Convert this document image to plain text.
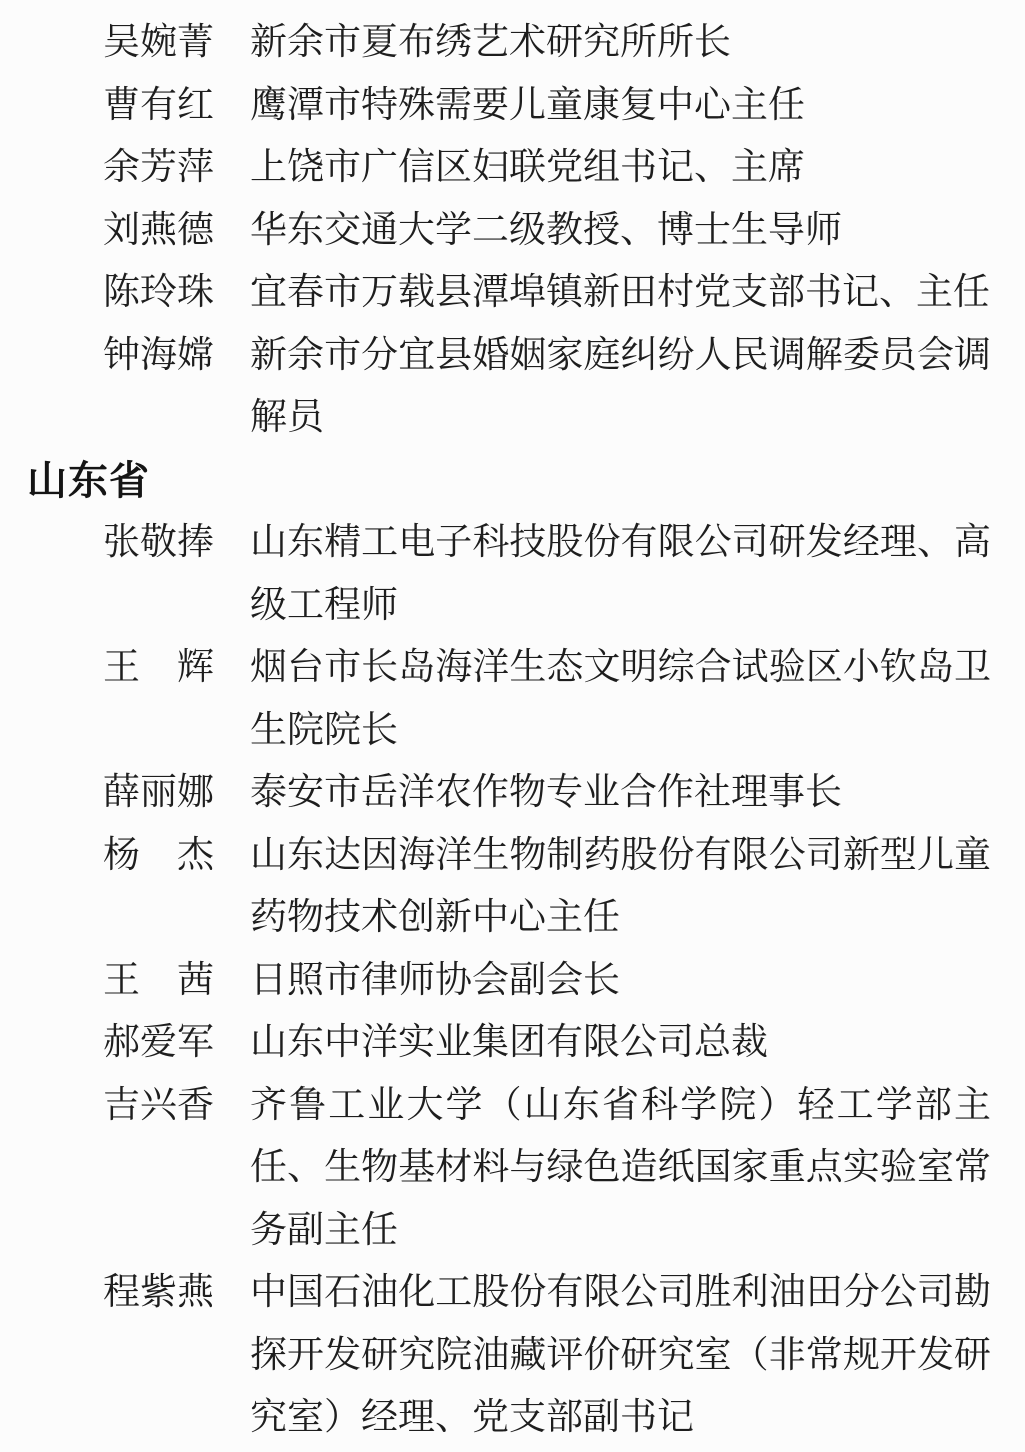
吴婉菁 新余市夏布绣艺术研究所所长
曹有红 鹰潭市特殊需要儿童康复中心主任
余芳萍 上饶市广信区妇联党组书记、主席
刘燕德 华东交通大学二级教授、博士生导师
陈玲珠 宜春市万载县潭埠镇新田村党支部书记、主任
钟海嫦 新余市分宜县婚姻家庭纠纷人民调解委员会调解员
山东省
张敬捧 山东精工电子科技股份有限公司研发经理、高级工程师
王　辉 烟台市长岛海洋生态文明综合试验区小钦岛卫生院院长
薛丽娜 泰安市岳洋农作物专业合作社理事长
杨　杰 山东达因海洋生物制药股份有限公司新型儿童药物技术创新中心主任
王　茜 日照市律师协会副会长
郝爱军 山东中洋实业集团有限公司总裁
吉兴香 齐鲁工业大学（山东省科学院）轻工学部主任、生物基材料与绿色造纸国家重点实验室常务副主任
程紫燕 中国石油化工股份有限公司胜利油田分公司勘探开发研究院油藏评价研究室（非常规开发研究室）经理、党支部副书记
